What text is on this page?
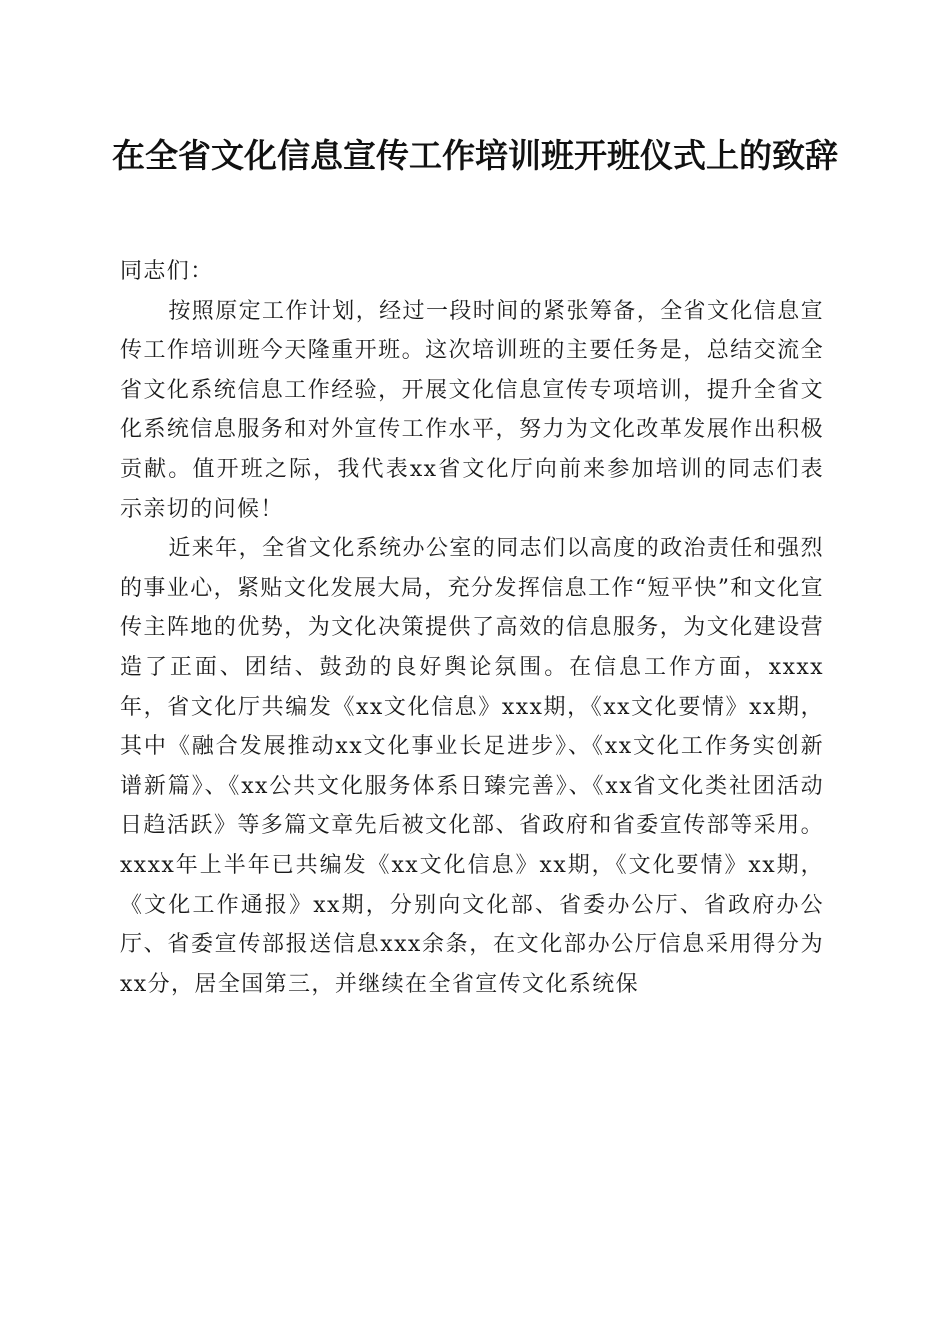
在全省文化信息宣传工作培训班开班仪式上的致辞

同志们：

按照原定工作计划，经过一段时间的紧张筹备，全省文化信息宣传工作培训班今天隆重开班。这次培训班的主要任务是，总结交流全省文化系统信息工作经验，开展文化信息宣传专项培训，提升全省文化系统信息服务和对外宣传工作水平，努力为文化改革发展作出积极贡献。值开班之际，我代表xx省文化厅向前来参加培训的同志们表示亲切的问候！

近来年，全省文化系统办公室的同志们以高度的政治责任和强烈的事业心，紧贴文化发展大局，充分发挥信息工作“短平快”和文化宣传主阵地的优势，为文化决策提供了高效的信息服务，为文化建设营造了正面、团结、鼓劲的良好舆论氛围。在信息工作方面，xxxx年，省文化厅共编发《xx文化信息》xxx期，《xx文化要情》xx期，其中《融合发展推动xx文化事业长足进步》、《xx文化工作务实创新谱新篇》、《xx公共文化服务体系日臻完善》、《xx省文化类社团活动日趋活跃》等多篇文章先后被文化部、省政府和省委宣传部等采用。xxxx年上半年已共编发《xx文化信息》xx期，《文化要情》xx期，《文化工作通报》xx期，分别向文化部、省委办公厅、省政府办公厅、省委宣传部报送信息xxx余条，在文化部办公厅信息采用得分为xx分，居全国第三，并继续在全省宣传文化系统保
